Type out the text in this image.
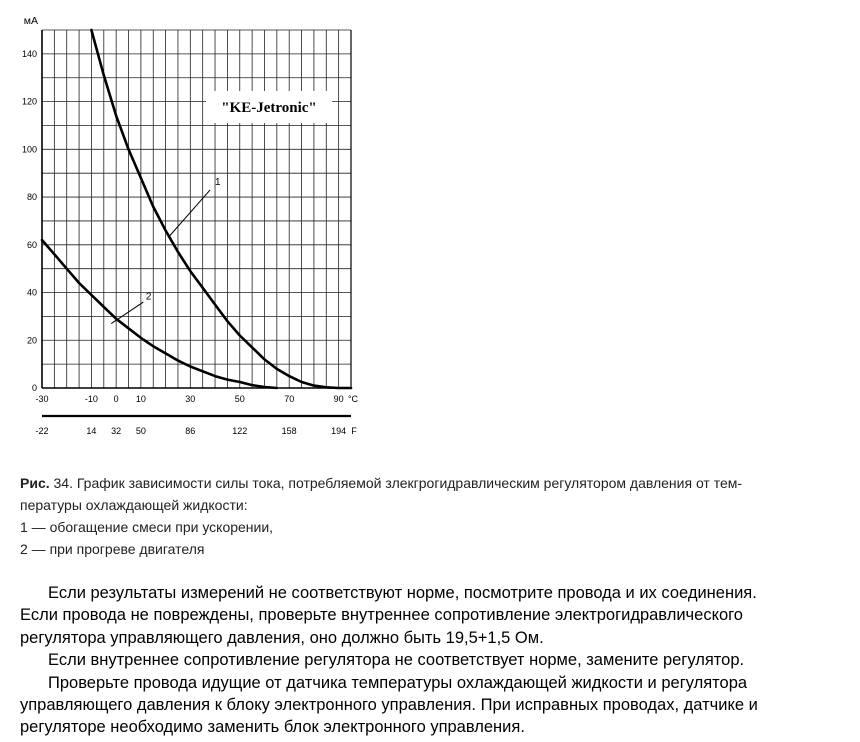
0
20
40
60
80
100
120
140
мА
-30	-10 0 10	30	50	70	90 °C
-22	14 32 50	86	122	158	194 F
"KE-Jetronic"
1
2
Рис. 34. График зависимости силы тока, потребляемой злекгрогидравлическим регулятором давления от тем-
пературы охлаждающей жидкости:
1 — обогащение смеси при ускорении,
2 — при прогреве двигателя

Если результаты измерений не соответствуют норме, посмотрите провода и их соединения.

Если провода не повреждены, проверьте внутреннее сопротивление электрогидравлического

регулятора управляющего давления, оно должно быть 19,5+1,5 Ом.

Если внутреннее сопротивление регулятора не соответствует норме, замените регулятор.

Проверьте провода идущие от датчика температуры охлаждающей жидкости и регулятора

управляющего давления к блоку электронного управления. При исправных проводах, датчике и

регуляторе необходимо заменить блок электронного управления.
